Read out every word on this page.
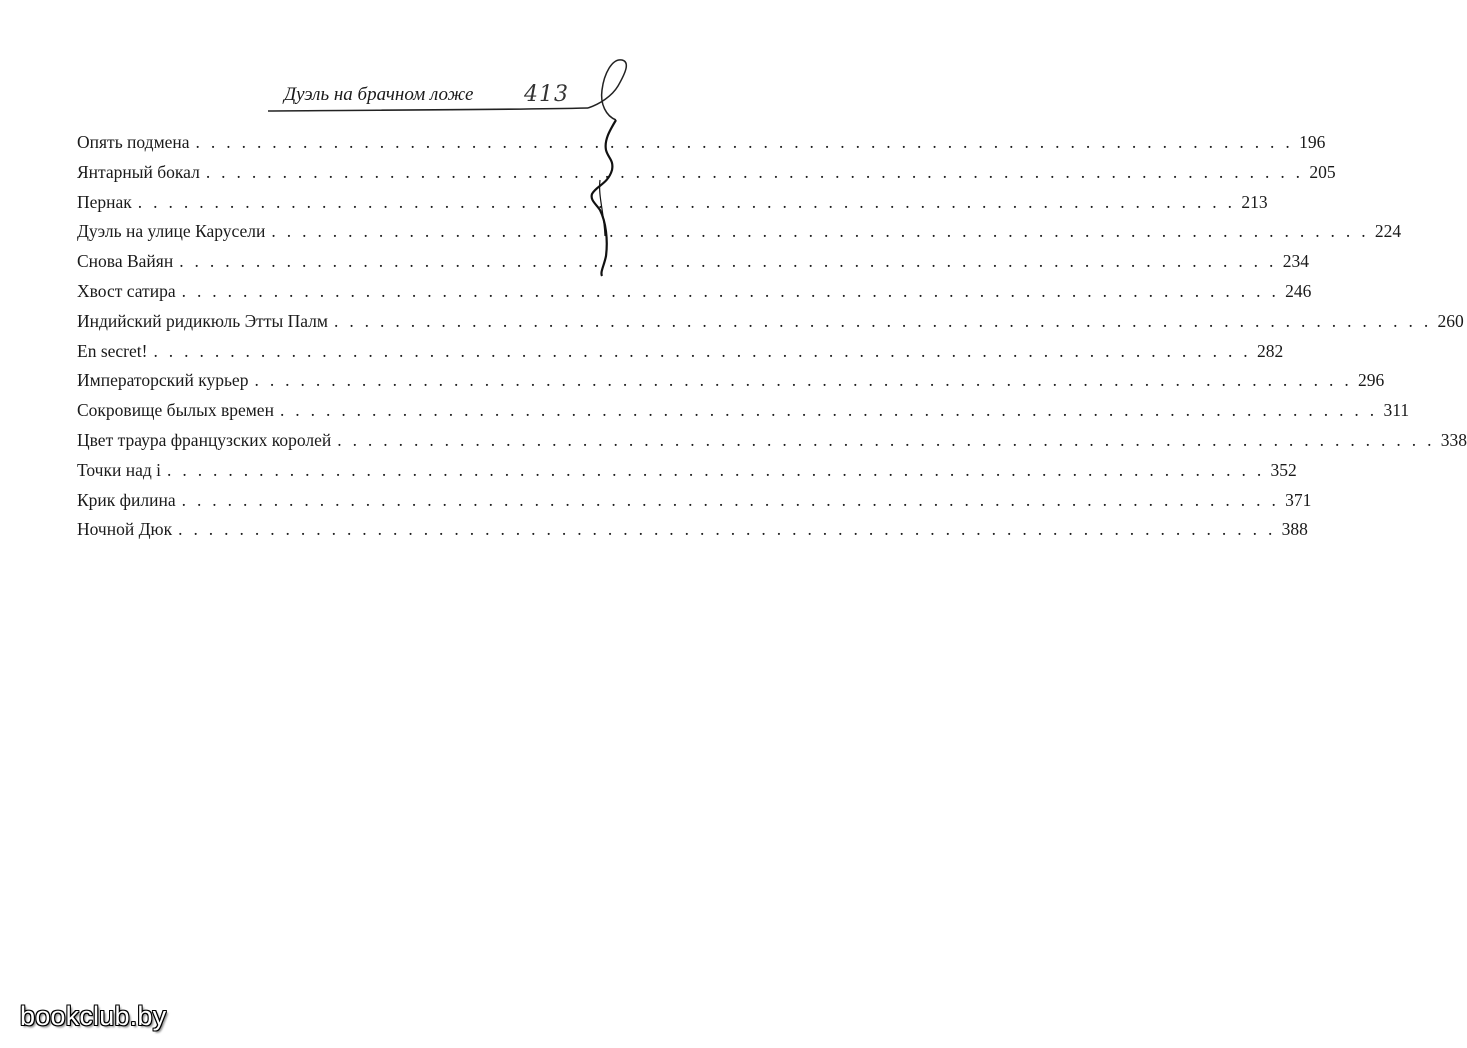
Дуэль на брачном ложе 413
Опять подмена . . . . . . . . . . . . . . . . . . . . . . . . . . . . . . . . . . . . . . . . . . . . . . . . . . . . . . . . . . . . . . . . . . . . . . . . 196
Янтарный бокал . . . . . . . . . . . . . . . . . . . . . . . . . . . . . . . . . . . . . . . . . . . . . . . . . . . . . . . . . . . . . . . . . . . . . . . . 205
Пернак . . . . . . . . . . . . . . . . . . . . . . . . . . . . . . . . . . . . . . . . . . . . . . . . . . . . . . . . . . . . . . . . . . . . . . . . 213
Дуэль на улице Карусели . . . . . . . . . . . . . . . . . . . . . . . . . . . . . . . . . . . . . . . . . . . . . . . . . . . . . . . . . . . . . . . . . . . . . . . . 224
Снова Вайян . . . . . . . . . . . . . . . . . . . . . . . . . . . . . . . . . . . . . . . . . . . . . . . . . . . . . . . . . . . . . . . . . . . . . . . . 234
Хвост сатира . . . . . . . . . . . . . . . . . . . . . . . . . . . . . . . . . . . . . . . . . . . . . . . . . . . . . . . . . . . . . . . . . . . . . . . . 246
Индийский ридикюль Этты Палм . . . . . . . . . . . . . . . . . . . . . . . . . . . . . . . . . . . . . . . . . . . . . . . . . . . . . . . . . . . . . . . . . . . . . . . . 260
En secret! . . . . . . . . . . . . . . . . . . . . . . . . . . . . . . . . . . . . . . . . . . . . . . . . . . . . . . . . . . . . . . . . . . . . . . . . 282
Императорский курьер . . . . . . . . . . . . . . . . . . . . . . . . . . . . . . . . . . . . . . . . . . . . . . . . . . . . . . . . . . . . . . . . . . . . . . . . 296
Сокровище былых времен . . . . . . . . . . . . . . . . . . . . . . . . . . . . . . . . . . . . . . . . . . . . . . . . . . . . . . . . . . . . . . . . . . . . . . . . 311
Цвет траура французских королей . . . . . . . . . . . . . . . . . . . . . . . . . . . . . . . . . . . . . . . . . . . . . . . . . . . . . . . . . . . . . . . . . . . . . . . . 338
Точки над і . . . . . . . . . . . . . . . . . . . . . . . . . . . . . . . . . . . . . . . . . . . . . . . . . . . . . . . . . . . . . . . . . . . . . . . . 352
Крик филина . . . . . . . . . . . . . . . . . . . . . . . . . . . . . . . . . . . . . . . . . . . . . . . . . . . . . . . . . . . . . . . . . . . . . . . . 371
Ночной Дюк . . . . . . . . . . . . . . . . . . . . . . . . . . . . . . . . . . . . . . . . . . . . . . . . . . . . . . . . . . . . . . . . . . . . . . . . 388
bookclub.by
